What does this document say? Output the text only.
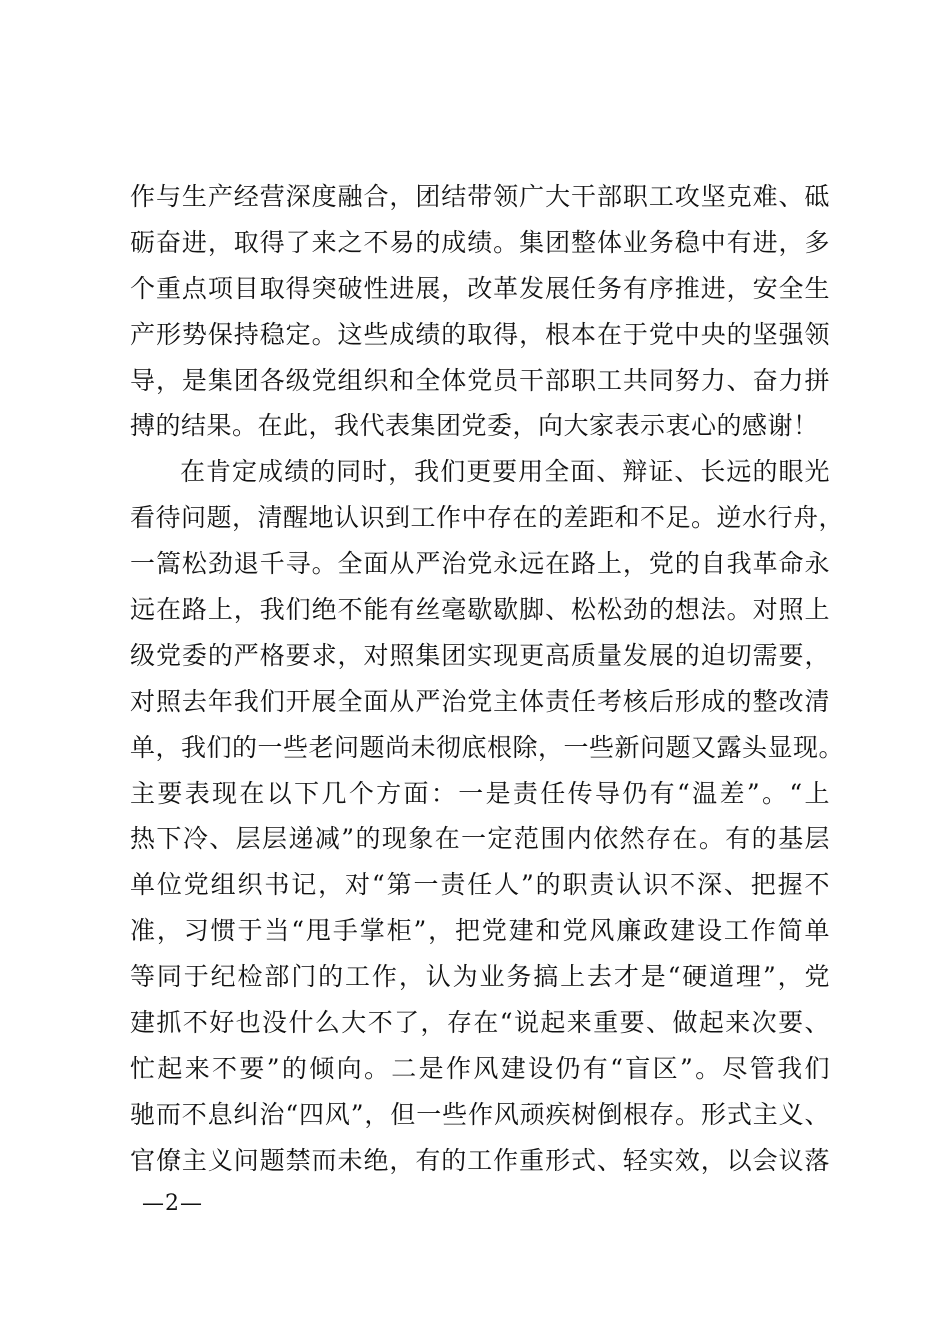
作与生产经营深度融合，团结带领广大干部职工攻坚克难、砥
砺奋进，取得了来之不易的成绩。集团整体业务稳中有进，多
个重点项目取得突破性进展，改革发展任务有序推进，安全生
产形势保持稳定。这些成绩的取得，根本在于党中央的坚强领
导，是集团各级党组织和全体党员干部职工共同努力、奋力拼
搏的结果。在此，我代表集团党委，向大家表示衷心的感谢！
在肯定成绩的同时，我们更要用全面、辩证、长远的眼光
看待问题，清醒地认识到工作中存在的差距和不足。逆水行舟，
一篙松劲退千寻。全面从严治党永远在路上，党的自我革命永
远在路上，我们绝不能有丝毫歇歇脚、松松劲的想法。对照上
级党委的严格要求，对照集团实现更高质量发展的迫切需要，
对照去年我们开展全面从严治党主体责任考核后形成的整改清
单，我们的一些老问题尚未彻底根除，一些新问题又露头显现。
主要表现在以下几个方面：一是责任传导仍有“温差”。“上
热下冷、层层递减”的现象在一定范围内依然存在。有的基层
单位党组织书记，对“第一责任人”的职责认识不深、把握不
准，习惯于当“甩手掌柜”，把党建和党风廉政建设工作简单
等同于纪检部门的工作，认为业务搞上去才是“硬道理”，党
建抓不好也没什么大不了，存在“说起来重要、做起来次要、
忙起来不要”的倾向。二是作风建设仍有“盲区”。尽管我们
驰而不息纠治“四风”，但一些作风顽疾树倒根存。形式主义、
官僚主义问题禁而未绝，有的工作重形式、轻实效，以会议落
—2—
